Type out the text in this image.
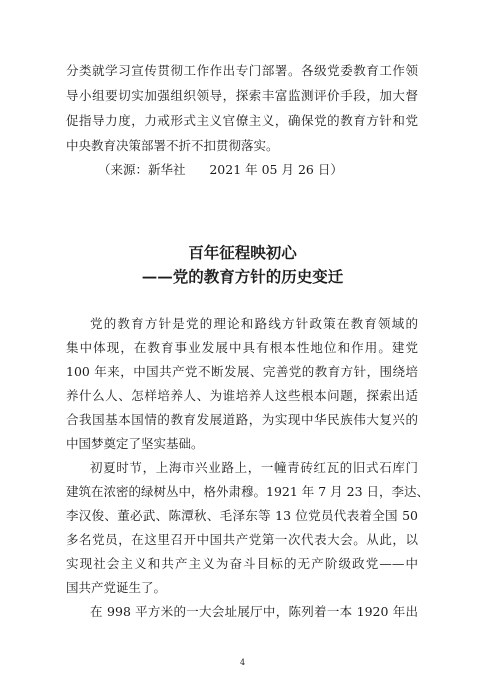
分类就学习宣传贯彻工作作出专门部署。各级党委教育工作领
导小组要切实加强组织领导，探索丰富监测评价手段，加大督
促指导力度，力戒形式主义官僚主义，确保党的教育方针和党
中央教育决策部署不折不扣贯彻落实。
（来源：新华社      2021 年 05 月 26 日）
百年征程映初心
——党的教育方针的历史变迁
党的教育方针是党的理论和路线方针政策在教育领域的
集中体现，在教育事业发展中具有根本性地位和作用。建党
100 年来，中国共产党不断发展、完善党的教育方针，围绕培
养什么人、怎样培养人、为谁培养人这些根本问题，探索出适
合我国基本国情的教育发展道路，为实现中华民族伟大复兴的
中国梦奠定了坚实基础。
初夏时节，上海市兴业路上，一幢青砖红瓦的旧式石库门
建筑在浓密的绿树丛中，格外肃穆。1921 年 7 月 23 日，李达、
李汉俊、董必武、陈潭秋、毛泽东等 13 位党员代表着全国 50
多名党员，在这里召开中国共产党第一次代表大会。从此，以
实现社会主义和共产主义为奋斗目标的无产阶级政党——中
国共产党诞生了。
在 998 平方米的一大会址展厅中，陈列着一本 1920 年出
4
